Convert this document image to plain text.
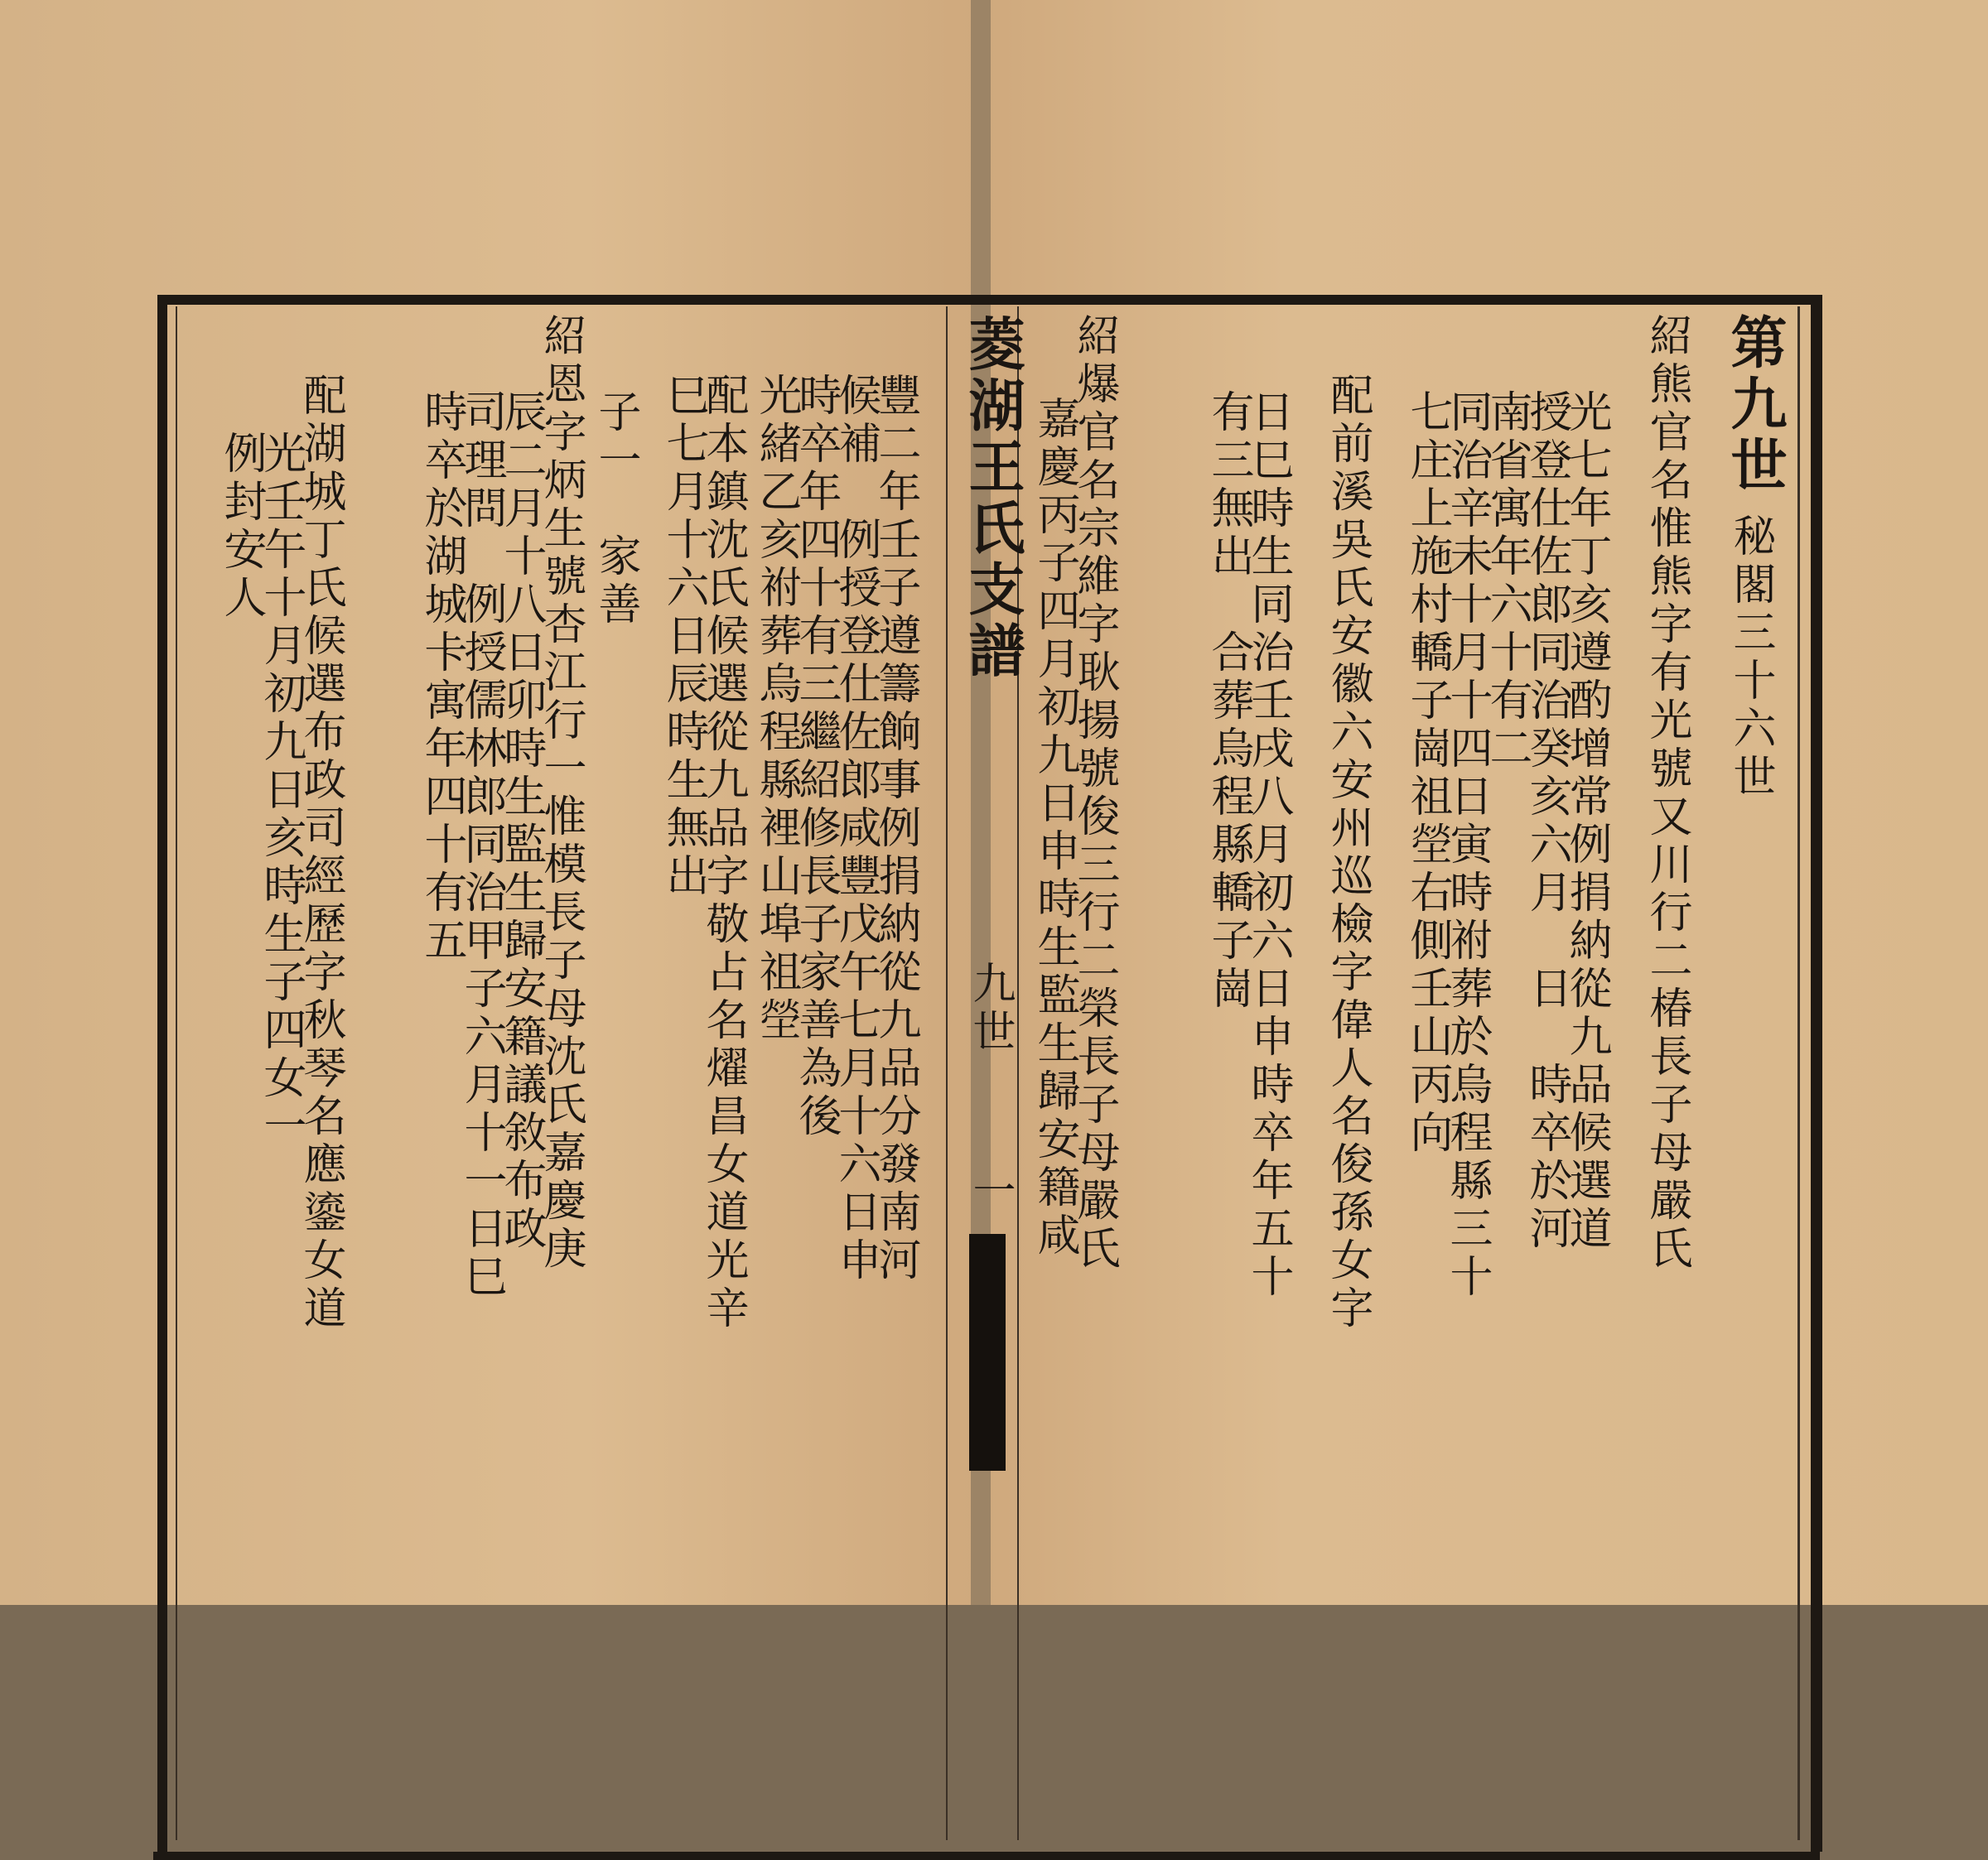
菱湖王氏支譜
九世
一
第九世
秘閣三十六世
紹熊官名惟熊字有光號又川行二椿長子母嚴氏
光七年丁亥遵酌增常例捐納從九品候選道
授登仕佐郎同治癸亥六月　日　時卒於河
南省寓年六十有二
同治辛未十月十四日寅時祔葬於烏程縣三十
七庄上施村轎子崗祖塋右側壬山丙向
配前溪吳氏安徽六安州巡檢字偉人名俊孫女字
日巳時生同治壬戌八月初六日申時卒年五十
有三無出　合葬烏程縣轎子崗
紹爆官名宗維字耿揚號俊三行二榮長子母嚴氏
嘉慶丙子四月初九日申時生監生歸安籍咸
豐二年壬子遵籌餉事例捐納從九品分發南河
候補　例授登仕佐郎咸豐戊午七月十六日申
時卒年四十有三繼紹修長子家善為後
光緒乙亥祔葬烏程縣裡山埠祖塋
配本鎮沈氏候選從九品字敬占名燿昌女道光辛
巳七月十六日辰時生無出
子一　家善
紹恩字炳生號杏江行一惟模長子母沈氏嘉慶庚
辰二月十八日卯時生監生歸安籍議敘布政
司理問　例授儒林郎同治甲子六月十一日巳
時卒於湖城卡寓年四十有五
配湖城丁氏候選布政司經歷字秋琴名應鎏女道
光壬午十月初九日亥時生子四女一
例封安人
